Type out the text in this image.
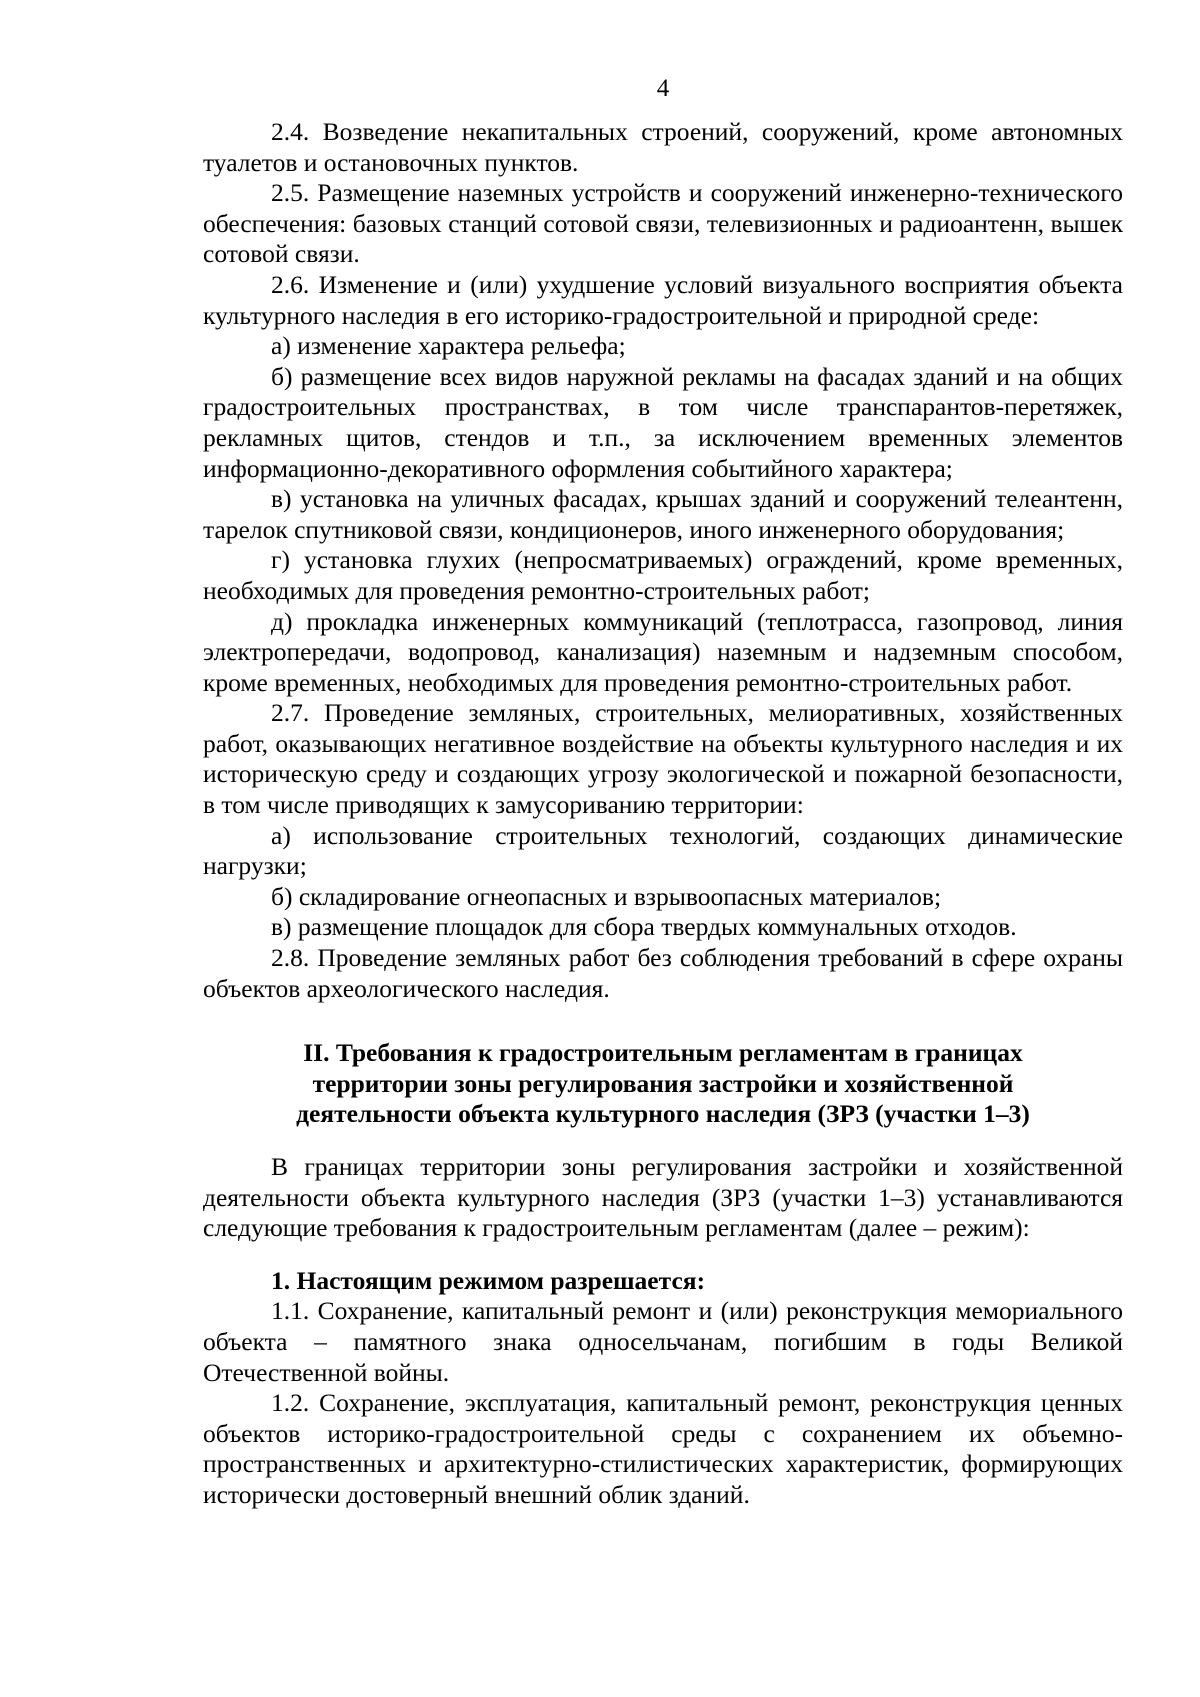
4

2.4. Возведение некапитальных строений, сооружений, кроме автономных туалетов и остановочных пунктов.

2.5. Размещение наземных устройств и сооружений инженерно-технического обеспечения: базовых станций сотовой связи, телевизионных и радиоантенн, вышек сотовой связи.

2.6. Изменение и (или) ухудшение условий визуального восприятия объекта культурного наследия в его историко-градостроительной и природной среде:

а) изменение характера рельефа;

б) размещение всех видов наружной рекламы на фасадах зданий и на общих градостроительных пространствах, в том числе транспарантов-перетяжек, рекламных щитов, стендов и т.п., за исключением временных элементов информационно-декоративного оформления событийного характера;

в) установка на уличных фасадах, крышах зданий и сооружений телеантенн, тарелок спутниковой связи, кондиционеров, иного инженерного оборудования;

г) установка глухих (непросматриваемых) ограждений, кроме временных, необходимых для проведения ремонтно-строительных работ;

д) прокладка инженерных коммуникаций (теплотрасса, газопровод, линия электропередачи, водопровод, канализация) наземным и надземным способом, кроме временных, необходимых для проведения ремонтно-строительных работ.

2.7. Проведение земляных, строительных, мелиоративных, хозяйственных работ, оказывающих негативное воздействие на объекты культурного наследия и их историческую среду и создающих угрозу экологической и пожарной безопасности, в том числе приводящих к замусориванию территории:

а) использование строительных технологий, создающих динамические нагрузки;

б) складирование огнеопасных и взрывоопасных материалов;

в) размещение площадок для сбора твердых коммунальных отходов.

2.8. Проведение земляных работ без соблюдения требований в сфере охраны объектов археологического наследия.

II. Требования к градостроительным регламентам в границах
территории зоны регулирования застройки и хозяйственной
деятельности объекта культурного наследия (ЗРЗ (участки 1–3)

В границах территории зоны регулирования застройки и хозяйственной деятельности объекта культурного наследия (ЗРЗ (участки 1–3) устанавливаются следующие требования к градостроительным регламентам (далее – режим):

1. Настоящим режимом разрешается:

1.1. Сохранение, капитальный ремонт и (или) реконструкция мемориального объекта – памятного знака односельчанам, погибшим в годы Великой Отечественной войны.

1.2. Сохранение, эксплуатация, капитальный ремонт, реконструкция ценных объектов историко-градостроительной среды с сохранением их объемно-пространственных и архитектурно-стилистических характеристик, формирующих исторически достоверный внешний облик зданий.
